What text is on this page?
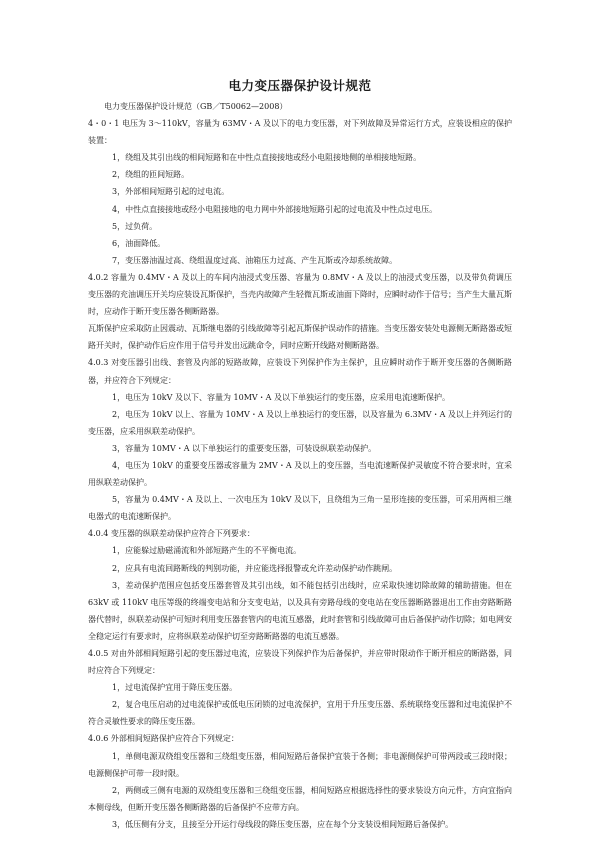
电力变压器保护设计规范

电力变压器保护设计规范（GB／T50062—2008）

4・0・1 电压为 3～110kV，容量为 63MV・A 及以下的电力变压器，对下列故障及异常运行方式，应装设相应的保护装置：

1，绕组及其引出线的相间短路和在中性点直接接地或经小电阻接地侧的单相接地短路。

2，绕组的匝间短路。

3，外部相间短路引起的过电流。

4，中性点直接接地或经小电阻接地的电力网中外部接地短路引起的过电流及中性点过电压。

5，过负荷。

6，油面降低。

7，变压器油温过高、绕组温度过高、油箱压力过高、产生瓦斯或冷却系统故障。

4.0.2 容量为 0.4MV・A 及以上的车间内油浸式变压器、容量为 0.8MV・A 及以上的油浸式变压器，以及带负荷调压变压器的充油调压开关均应装设瓦斯保护，当壳内故障产生轻微瓦斯或油面下降时，应瞬时动作于信号；当产生大量瓦斯时，应动作于断开变压器各侧断路器。

瓦斯保护应采取防止因震动、瓦斯继电器的引线故障等引起瓦斯保护误动作的措施。当变压器安装处电源侧无断路器或短路开关时，保护动作后应作用于信号并发出远跳命令，同时应断开线路对侧断路器。

4.0.3 对变压器引出线、套管及内部的短路故障，应装设下列保护作为主保护，且应瞬时动作于断开变压器的各侧断路器，并应符合下列规定：

1，电压为 10kV 及以下、容量为 10MV・A 及以下单独运行的变压器，应采用电流速断保护。

2，电压为 10kV 以上、容量为 10MV・A 及以上单独运行的变压器，以及容量为 6.3MV・A 及以上并列运行的变压器，应采用纵联差动保护。

3，容量为 10MV・A 以下单独运行的重要变压器，可装设纵联差动保护。

4，电压为 10kV 的重要变压器或容量为 2MV・A 及以上的变压器，当电流速断保护灵敏度不符合要求时，宜采用纵联差动保护。

5，容量为 0.4MV・A 及以上、一次电压为 10kV 及以下，且绕组为三角一星形连接的变压器，可采用两相三继电器式的电流速断保护。

4.0.4 变压器的纵联差动保护应符合下列要求：

1，应能躲过励磁涌流和外部短路产生的不平衡电流。

2，应具有电流回路断线的判别功能，并应能选择报警或允许差动保护动作跳闸。

3，差动保护范围应包括变压器套管及其引出线，如不能包括引出线时，应采取快速切除故障的辅助措施。但在 63kV 或 110kV 电压等级的终端变电站和分支变电站，以及具有旁路母线的变电站在变压器断路器退出工作由旁路断路器代替时，纵联差动保护可短时利用变压器套管内的电流互感器，此时套管和引线故障可由后备保护动作切除；如电网安全稳定运行有要求时，应将纵联差动保护切至旁路断路器的电流互感器。

4.0.5 对由外部相间短路引起的变压器过电流，应装设下列保护作为后备保护，并应带时限动作于断开相应的断路器，同时应符合下列规定：

1，过电流保护宜用于降压变压器。

2，复合电压启动的过电流保护或低电压闭锁的过电流保护，宜用于升压变压器、系统联络变压器和过电流保护不符合灵敏性要求的降压变压器。

4.0.6 外部相间短路保护应符合下列规定：

1，单侧电源双绕组变压器和三绕组变压器，相间短路后备保护宜装于各侧；非电源侧保护可带两段或三段时限；电源侧保护可带一段时限。

2，两侧或三侧有电源的双绕组变压器和三绕组变压器，相间短路应根据选择性的要求装设方向元件，方向宜指向本侧母线，但断开变压器各侧断路器的后备保护不应带方向。

3，低压侧有分支，且接至分开运行母线段的降压变压器，应在每个分支装设相间短路后备保护。
